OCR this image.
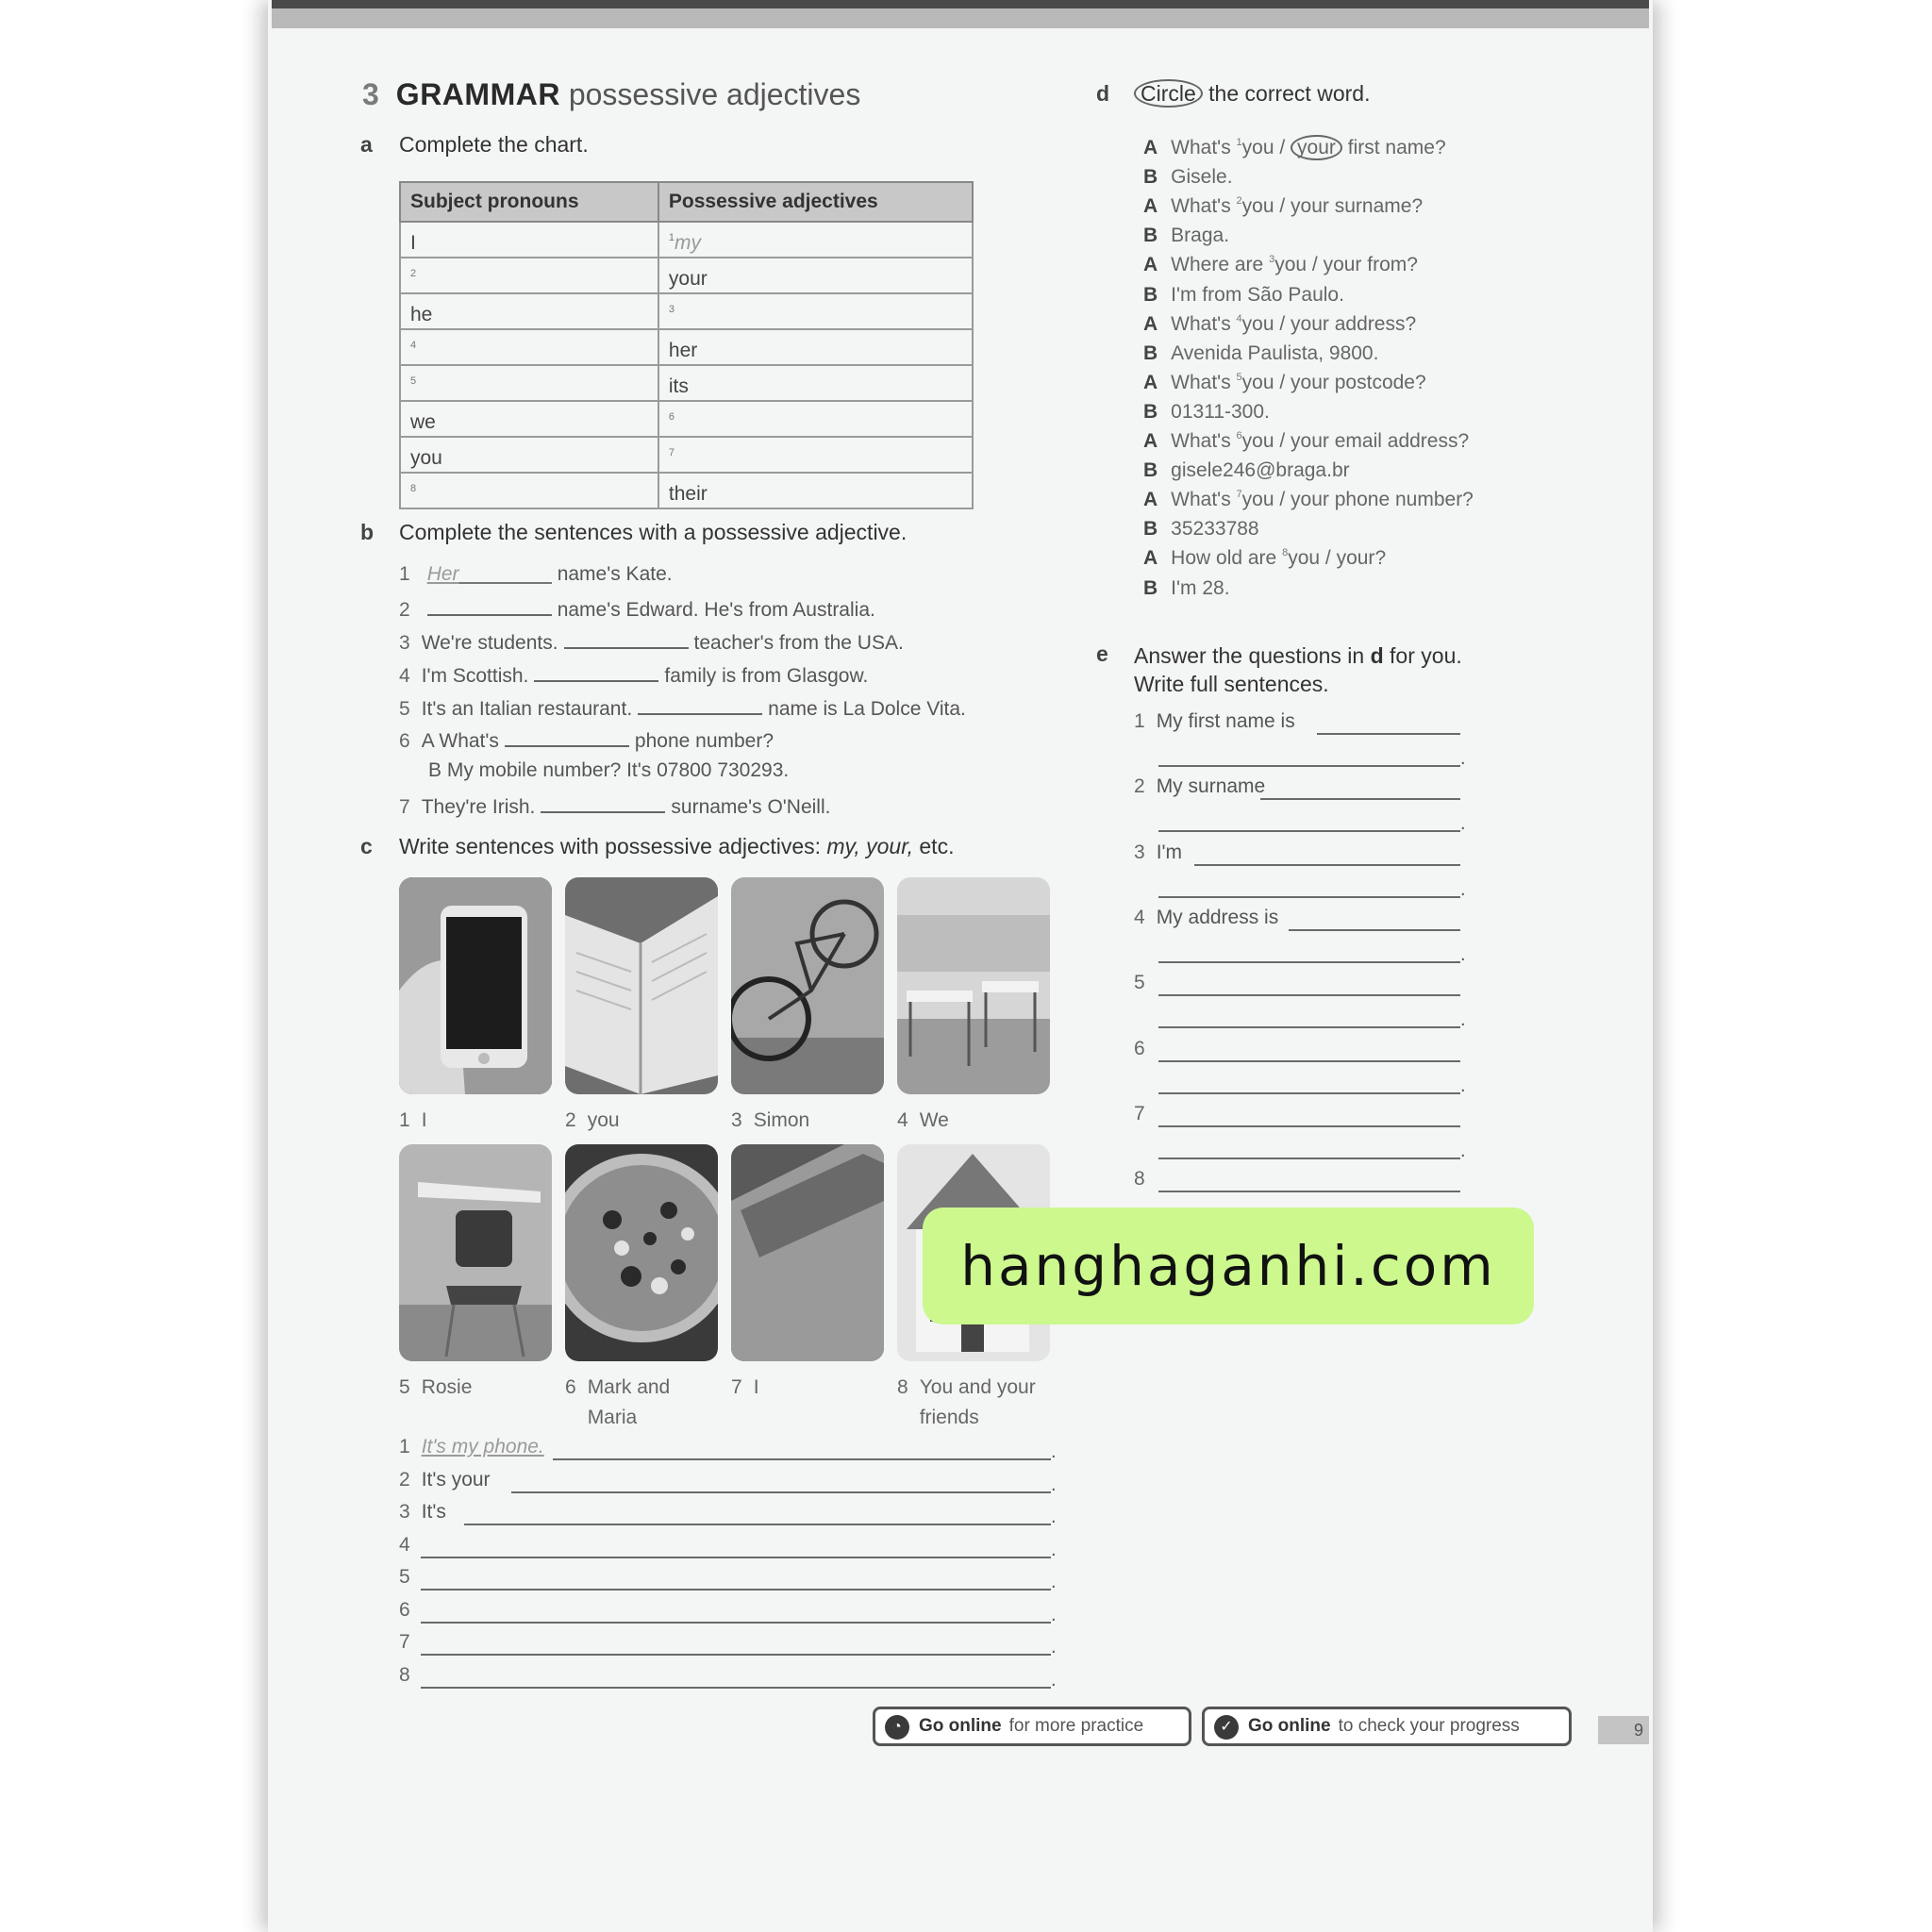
3 GRAMMAR possessive adjectives
a Complete the chart.
Subject pronouns	Possessive adjectives
I	$^1$my
$^2$	your
he	$^3$
$^4$	her
$^5$	its
we	$^6$
you	$^7$
$^8$	their
b Complete the sentences with a possessive adjective.
1 Her	name's Kate.
2	name's Edward. He's from Australia.
3 We're students.	teacher's from the USA.
4 I'm Scottish.	family is from Glasgow.
5 It's an Italian restaurant.	name is La Dolce Vita.
6 A What's	phone number?
B My mobile number? It's 07800 730293.
7 They're Irish.	surname's O'Neill.
c Write sentences with possessive adjectives: my, your, etc.
1 I	2 you	3 Simon	4 We
5 Rosie	6 Mark and Maria
7 I	8 You and your friends
1 It's my phone.	.
2 It's your	.
3 It's	.
4	.
5	.
6	.
7	.
8	.
d	Circle the correct word.
A What's $^1$you / your first name?
B Gisele.
A What's $^2$you / your surname?
B Braga.
A Where are $^3$you / your from?
B I'm from São Paulo.
A What's $^4$you / your address?
B Avenida Paulista, 9800.
A What's $^5$you / your postcode?
B 01311-300.
A What's $^6$you / your email address?
B gisele246@braga.br
A What's $^7$you / your phone number?
B 35233788
A How old are $^8$you / your?
B I'm 28.
e Answer the questions in d for you.
Write full sentences.
1 My first name is
.
2 My surname
.
3 I'm
.
4 My address is
.
5
.
6
.
7
.
8
◔ Go online for more practice	✓ Go online to check your progress	9
hanghaganhi.com
